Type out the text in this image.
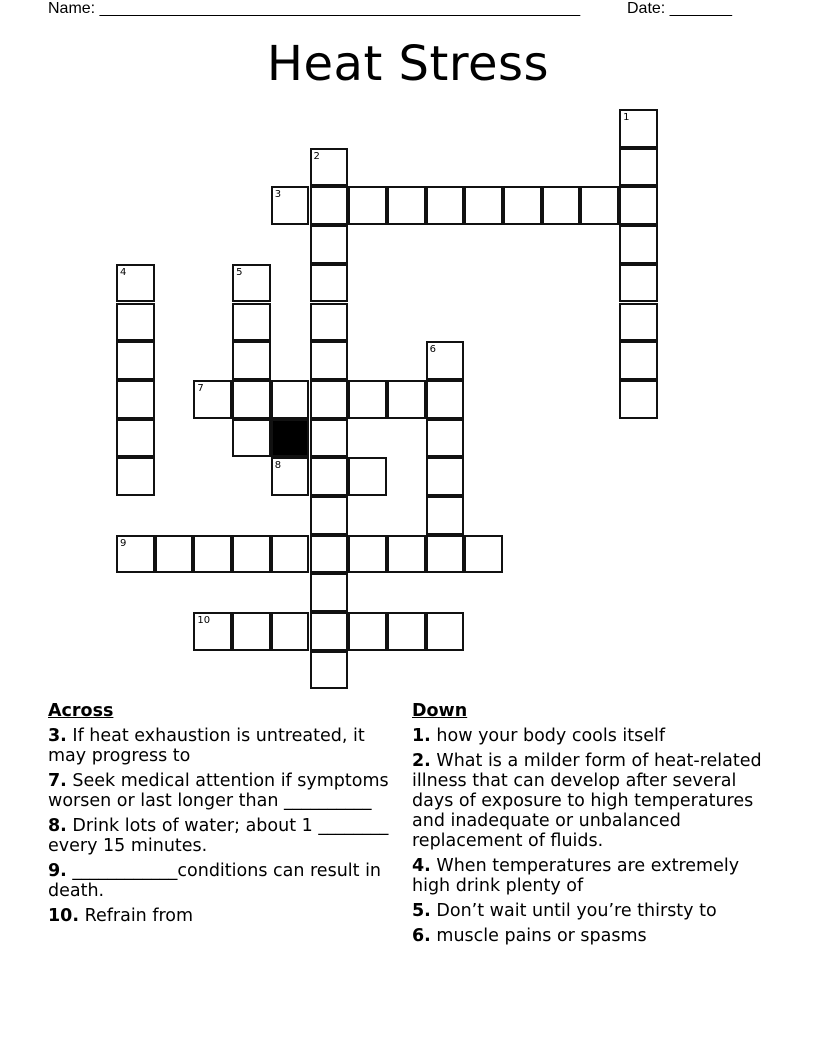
Name: ______________________________________________________	Date: _______
Heat Stress
1
2
3
4	5
6
7
8
9
10
Across

3. If heat exhaustion is untreated, it may progress to

7. Seek medical attention if symptoms worsen or last longer than __________

8. Drink lots of water; about 1 ________ every 15 minutes.

9. ____________conditions can result in death.

10. Refrain from

Down

1. how your body cools itself

2. What is a milder form of heat-related illness that can develop after several days of exposure to high temperatures and inadequate or unbalanced replacement of fluids.

4. When temperatures are extremely high drink plenty of

5. Don’t wait until you’re thirsty to

6. muscle pains or spasms
